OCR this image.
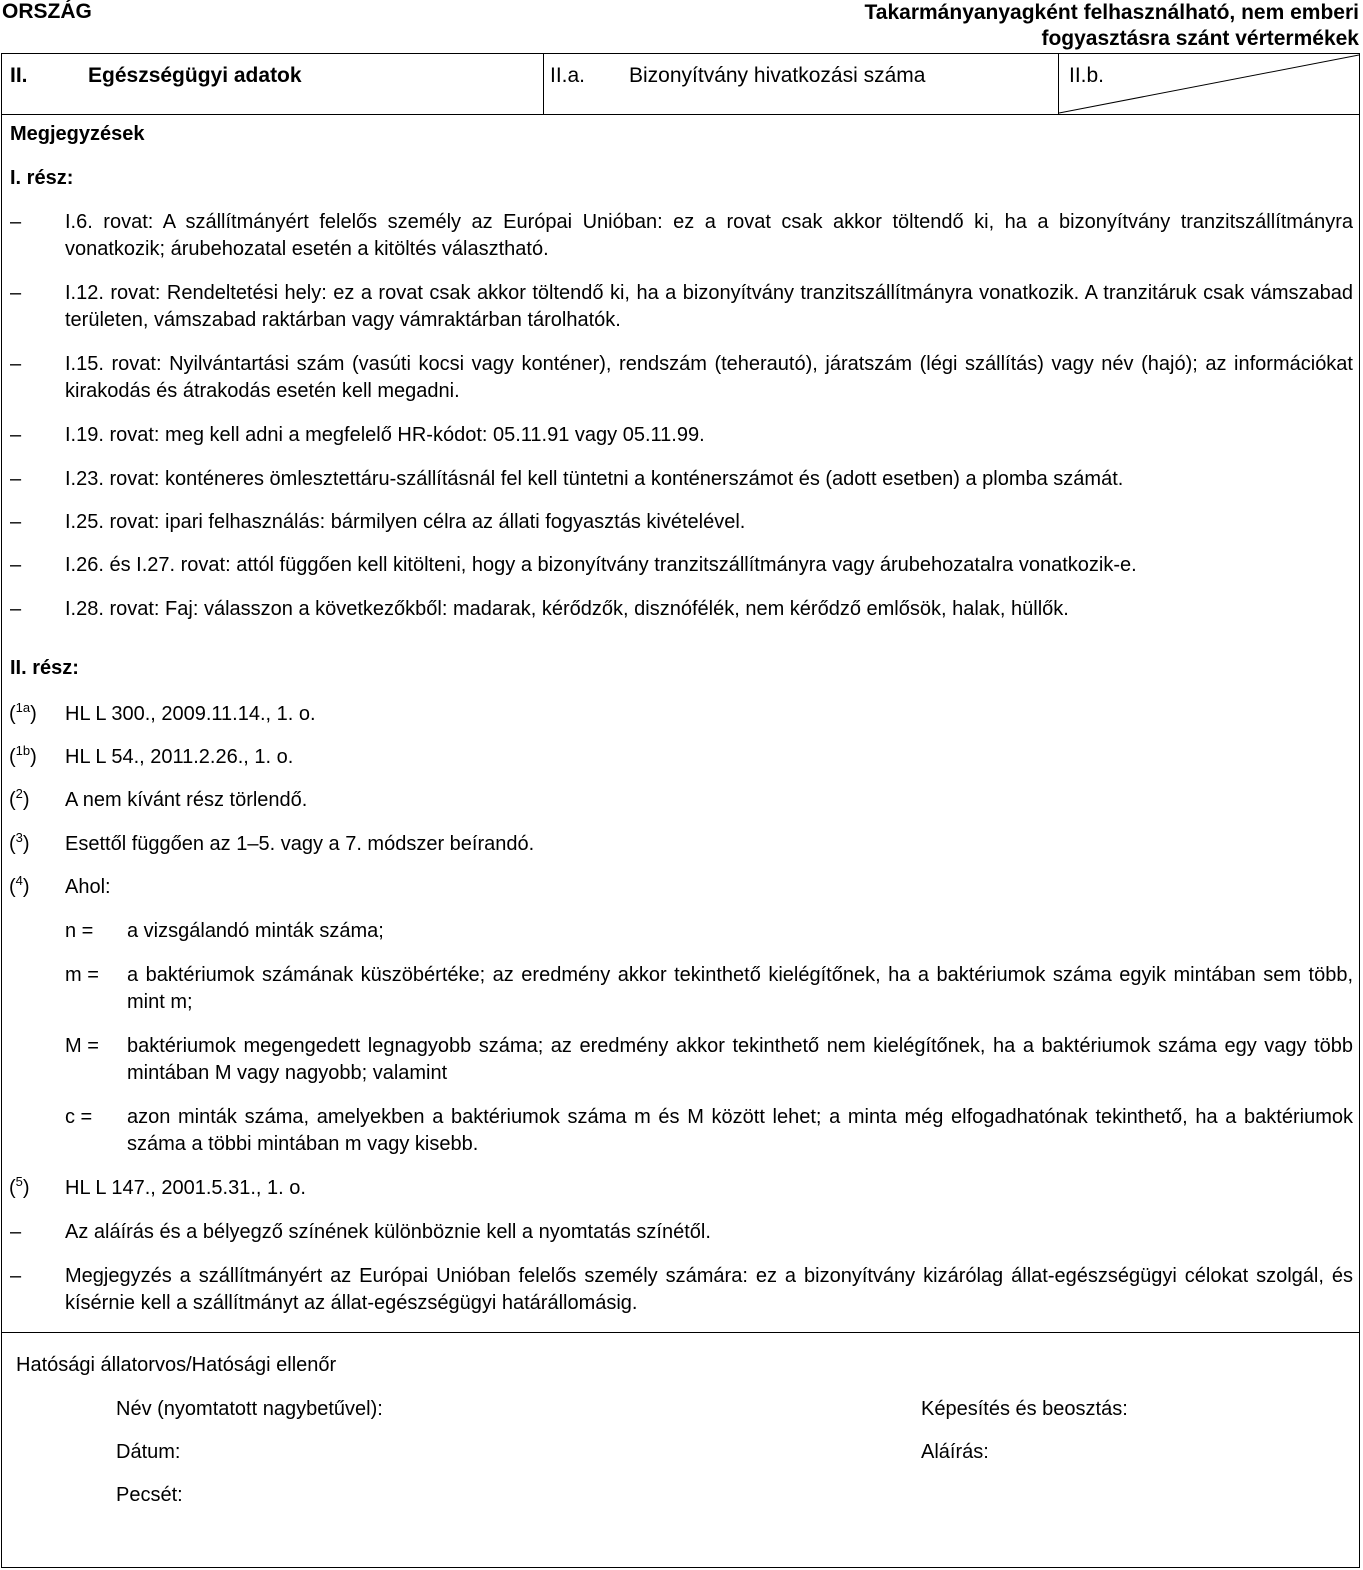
ORSZÁG	Takarmányanyagként felhasználható, nem emberi
fogyasztásra szánt vértermékek
II.	Egészségügyi adatok	II.a. Bizonyítvány hivatkozási száma	II.b.
Megjegyzések
I. rész:
– I.6. rovat: A szállítmányért felelős személy az Európai Unióban: ez a rovat csak akkor töltendő ki, ha a bizonyítvány tranzitszállítmányra vonatkozik; árubehozatal esetén a kitöltés választható.
– I.12. rovat: Rendeltetési hely: ez a rovat csak akkor töltendő ki, ha a bizonyítvány tranzitszállítmányra vonatkozik. A tranzitáruk csak vámszabad területen, vámszabad raktárban vagy vámraktárban tárolhatók.
– I.15. rovat: Nyilvántartási szám (vasúti kocsi vagy konténer), rendszám (teherautó), járatszám (légi szállítás) vagy név (hajó); az információkat kirakodás és átrakodás esetén kell megadni.
– I.19. rovat: meg kell adni a megfelelő HR-kódot: 05.11.91 vagy 05.11.99.
– I.23. rovat: konténeres ömlesztettáru-szállításnál fel kell tüntetni a konténerszámot és (adott esetben) a plomba számát.
– I.25. rovat: ipari felhasználás: bármilyen célra az állati fogyasztás kivételével.
– I.26. és I.27. rovat: attól függően kell kitölteni, hogy a bizonyítvány tranzitszállítmányra vagy árubehozatalra vonatkozik-e.
– I.28. rovat: Faj: válasszon a következőkből: madarak, kérődzők, disznófélék, nem kérődző emlősök, halak, hüllők.
II. rész:
($^{1a}$) HL L 300., 2009.11.14., 1. o.
($^{1b}$) HL L 54., 2011.2.26., 1. o.
($^2$) A nem kívánt rész törlendő.
($^3$) Esettől függően az 1–5. vagy a 7. módszer beírandó.
($^4$) Ahol:
n = a vizsgálandó minták száma;
m = a baktériumok számának küszöbértéke; az eredmény akkor tekinthető kielégítőnek, ha a baktériumok száma egyik mintában sem több, mint m;
M = baktériumok megengedett legnagyobb száma; az eredmény akkor tekinthető nem kielégítőnek, ha a baktériumok száma egy vagy több mintában M vagy nagyobb; valamint
c = azon minták száma, amelyekben a baktériumok száma m és M között lehet; a minta még elfogadhatónak tekinthető, ha a baktériumok száma a többi mintában m vagy kisebb.
($^5$) HL L 147., 2001.5.31., 1. o.
– Az aláírás és a bélyegző színének különböznie kell a nyomtatás színétől.
– Megjegyzés a szállítmányért az Európai Unióban felelős személy számára: ez a bizonyítvány kizárólag állat-egészségügyi célokat szolgál, és kísérnie kell a szállítmányt az állat-egészségügyi határállomásig.
Hatósági állatorvos/Hatósági ellenőr
Név (nyomtatott nagybetűvel):	Képesítés és beosztás:
Dátum:	Aláírás:
Pecsét:
